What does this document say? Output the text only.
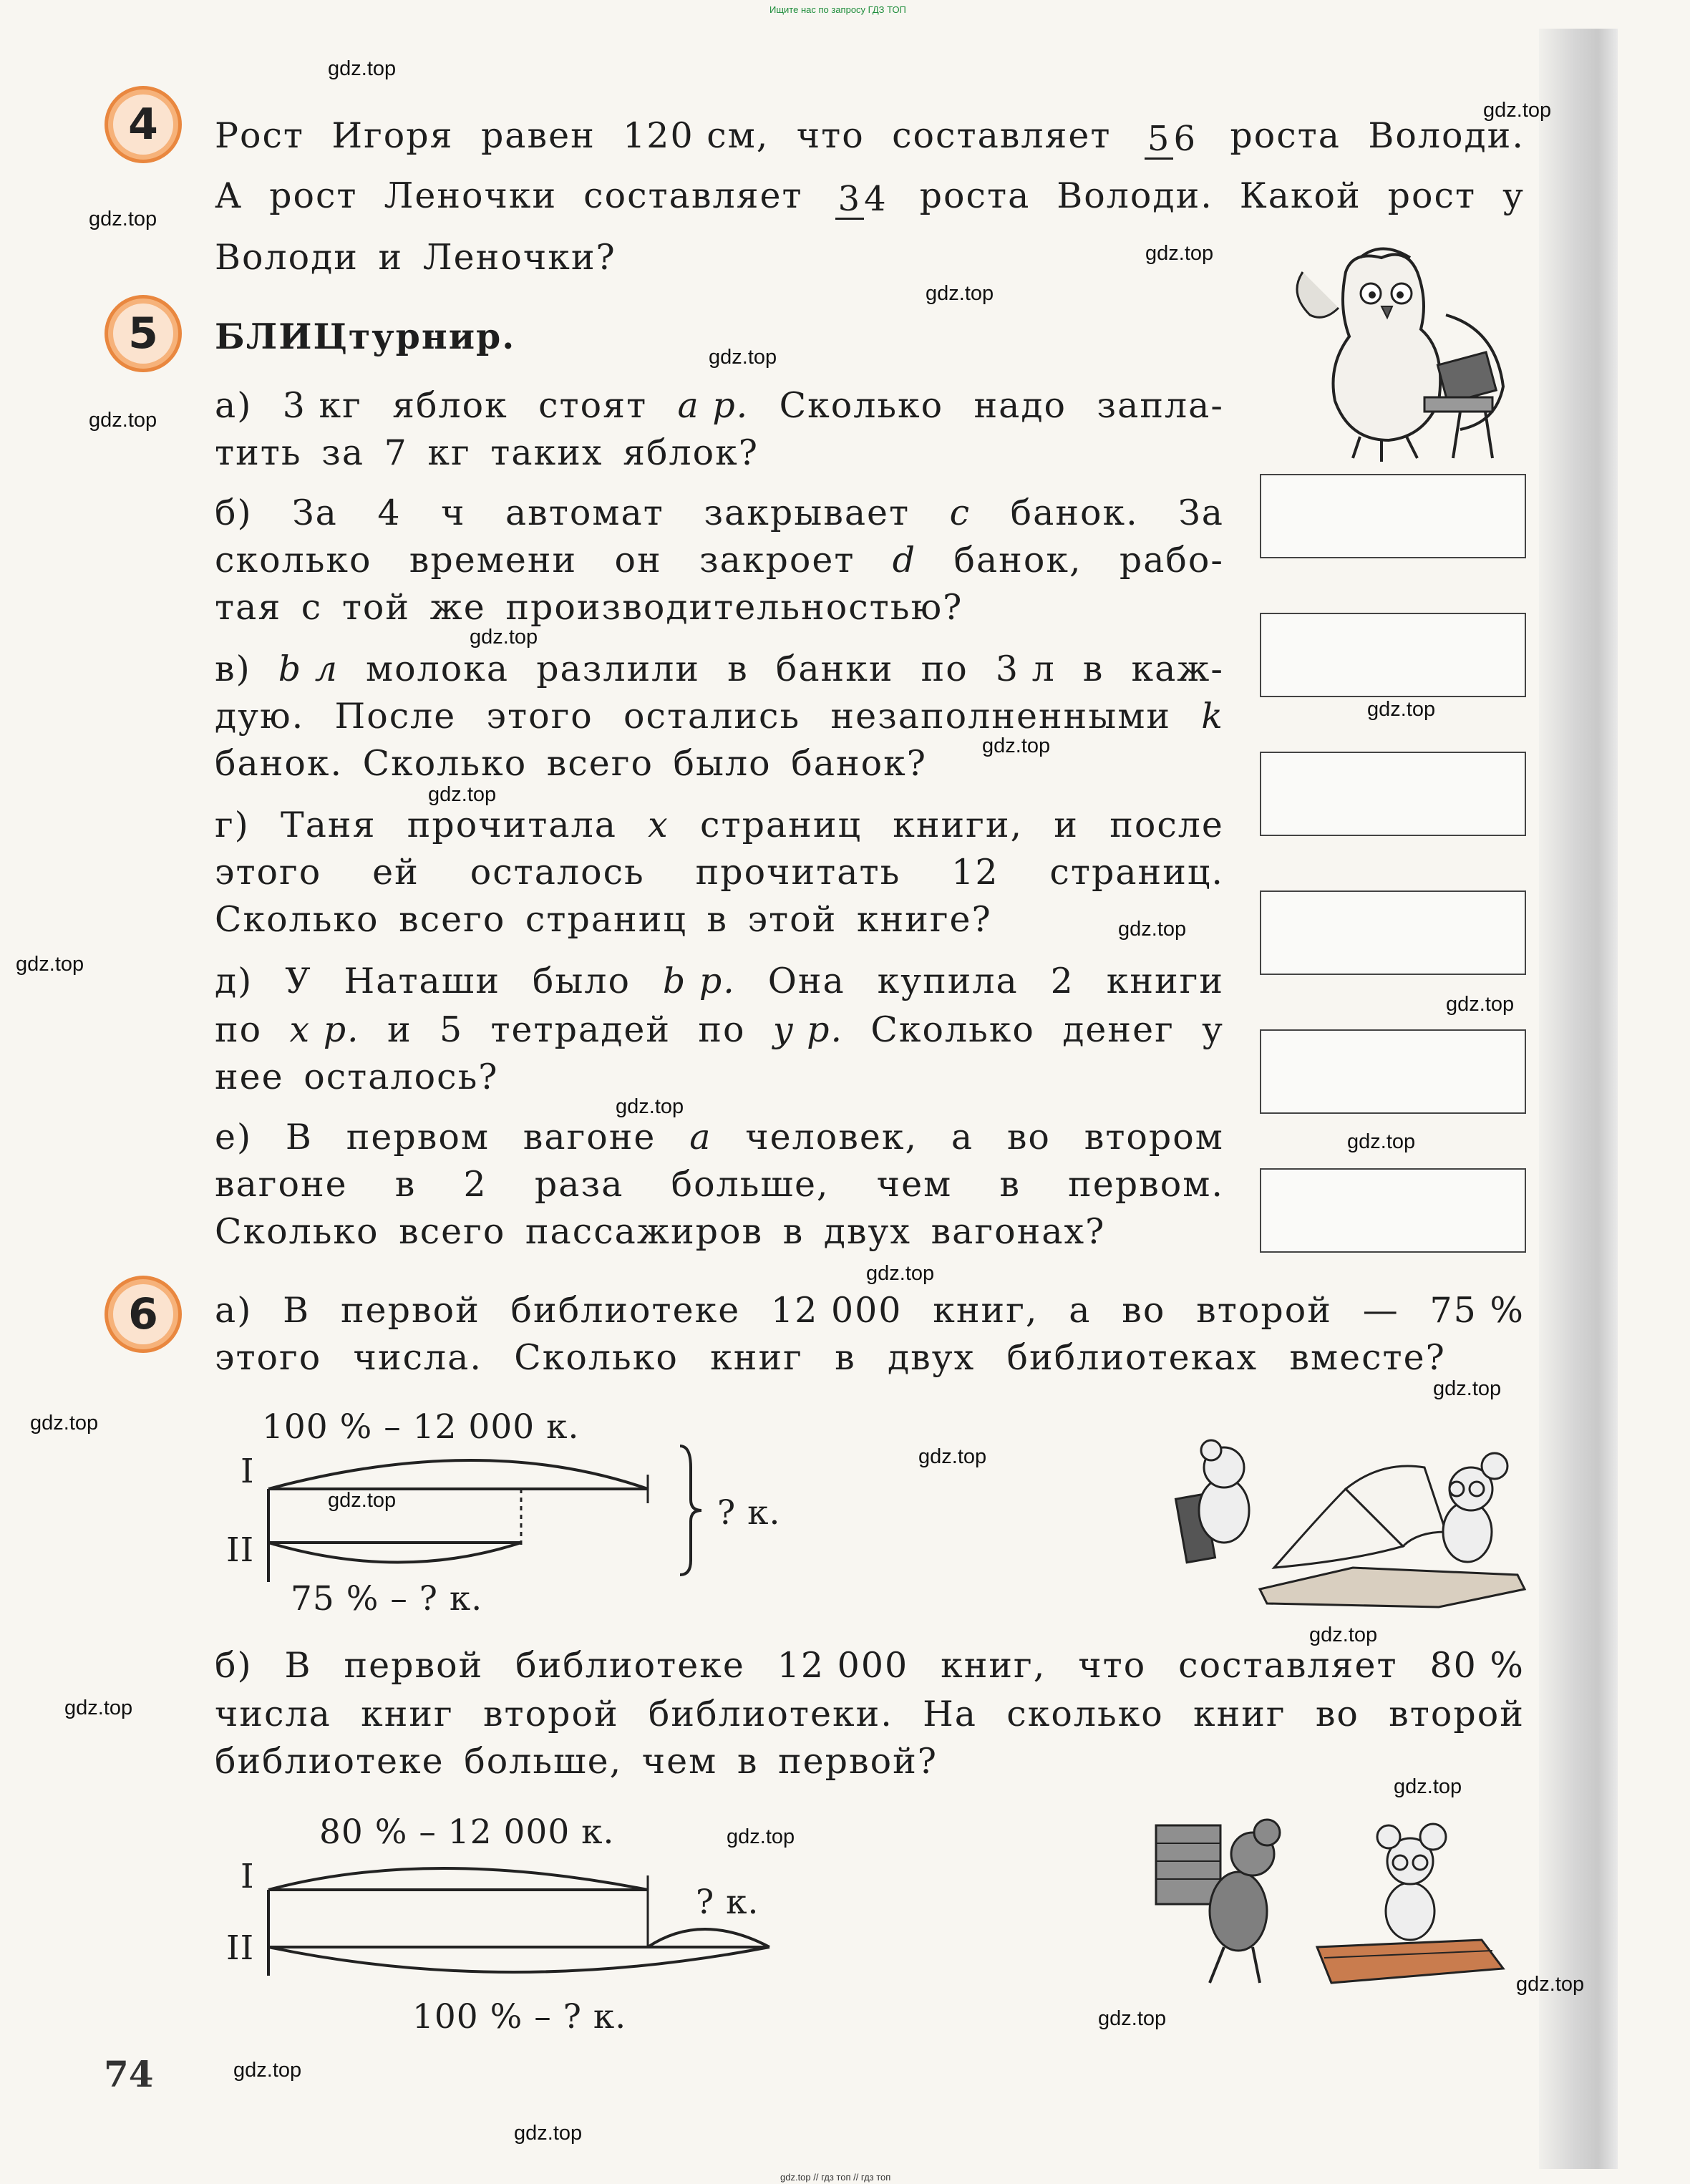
Ищите нас по запросу ГДЗ ТОП
gdz.top // гдз топ // гдз топ
gdz.top
gdz.top
gdz.top
gdz.top
gdz.top
gdz.top
gdz.top
gdz.top
gdz.top
gdz.top
gdz.top
gdz.top
gdz.top
gdz.top
gdz.top
gdz.top
gdz.top
gdz.top
gdz.top
gdz.top
gdz.top
gdz.top
gdz.top
gdz.top
gdz.top
gdz.top
gdz.top
gdz.top
gdz.top
4 Рост Игоря равен 120 см, что составляет 56 роста Володи.
А рост Леночки составляет 34 роста Володи. Какой рост у
Володи и Леночки?
5 БЛИЦтурнир.
а) 3 кг яблок стоят a р. Сколько надо запла-
тить за 7 кг таких яблок?
б) За 4 ч автомат закрывает c банок. За
сколько времени он закроет d банок, рабо-
тая с той же производительностью?
в) b л молока разлили в банки по 3 л в каж-
дую. После этого остались незаполненными k
банок. Сколько всего было банок?
г) Таня прочитала x страниц книги, и после
этого ей осталось прочитать 12 страниц.
Сколько всего страниц в этой книге?
д) У Наташи было b р. Она купила 2 книги
по x р. и 5 тетрадей по y р. Сколько денег у
нее осталось?
е) В первом вагоне a человек, а во втором
вагоне в 2 раза больше, чем в первом.
Сколько всего пассажиров в двух вагонах?
6 а) В первой библиотеке 12 000 книг, а во второй — 75 %
этого числа. Сколько книг в двух библиотеках вместе?
100 % – 12 000 к.
I
II
75 % – ? к.
? к.
б) В первой библиотеке 12 000 книг, что составляет 80 %
числа книг второй библиотеки. На сколько книг во второй
библиотеке больше, чем в первой?
80 % – 12 000 к.
I
II
100 % – ? к.
? к.
74
